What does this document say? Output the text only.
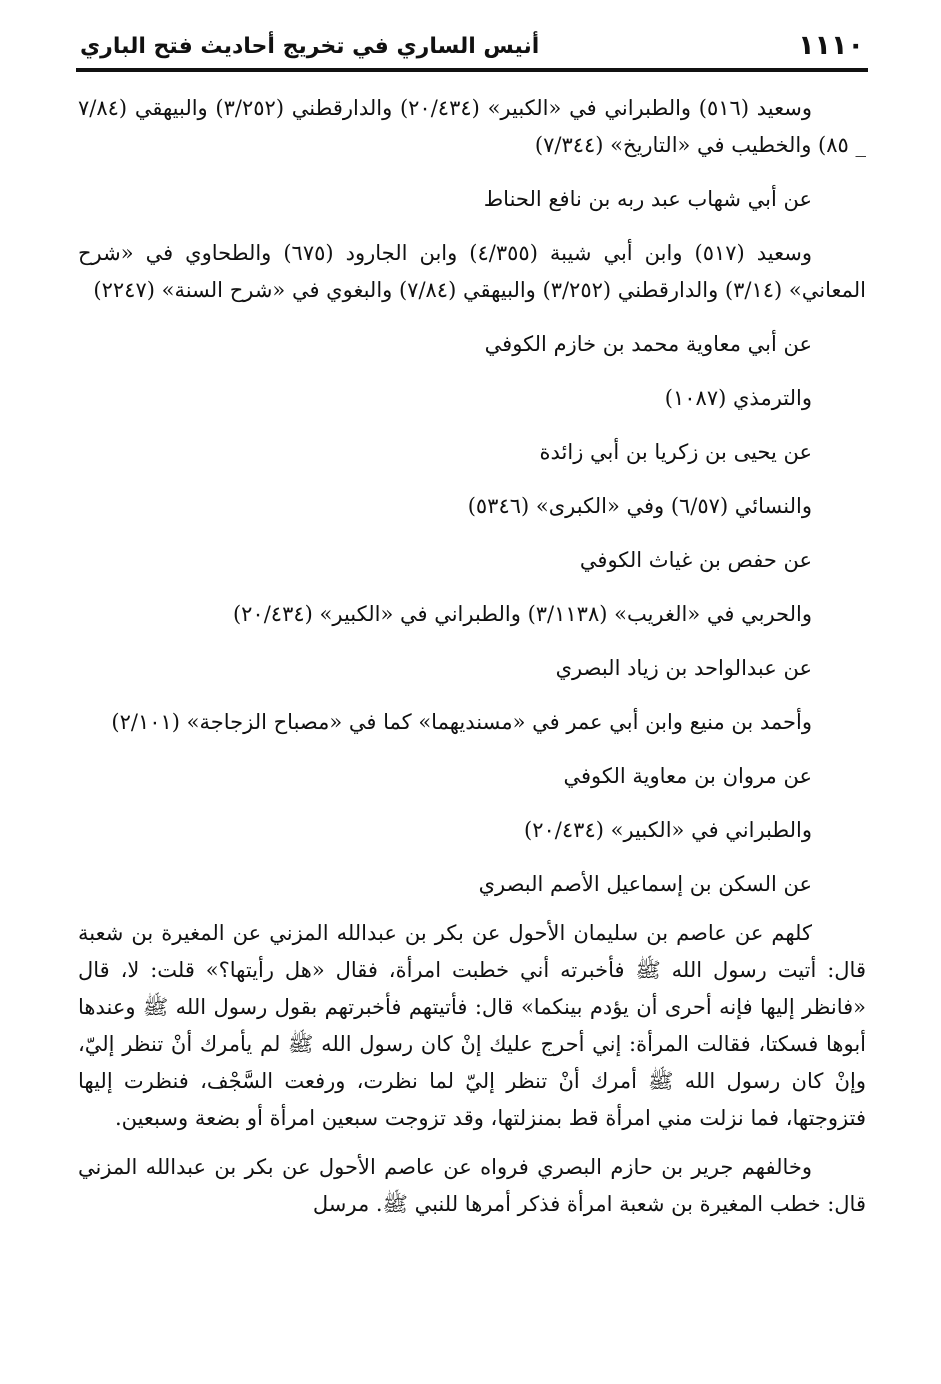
١١١٠
أنيس الساري في تخريج أحاديث فتح الباري

وسعيد (٥١٦) والطبراني في «الكبير» (٢٠/٤٣٤) والدارقطني (٣/٢٥٢) والبيهقي (٧/٨٤ _ ٨٥) والخطيب في «التاريخ» (٧/٣٤٤)

عن أبي شهاب عبد ربه بن نافع الحناط

وسعيد (٥١٧) وابن أبي شيبة (٤/٣٥٥) وابن الجارود (٦٧٥) والطحاوي في «شرح المعاني» (٣/١٤) والدارقطني (٣/٢٥٢) والبيهقي (٧/٨٤) والبغوي في «شرح السنة» (٢٢٤٧)

عن أبي معاوية محمد بن خازم الكوفي

والترمذي (١٠٨٧)

عن يحيى بن زكريا بن أبي زائدة

والنسائي (٦/٥٧) وفي «الكبرى» (٥٣٤٦)

عن حفص بن غياث الكوفي

والحربي في «الغريب» (٣/١١٣٨) والطبراني في «الكبير» (٢٠/٤٣٤)

عن عبدالواحد بن زياد البصري

وأحمد بن منيع وابن أبي عمر في «مسنديهما» كما في «مصباح الزجاجة» (٢/١٠١)

عن مروان بن معاوية الكوفي

والطبراني في «الكبير» (٢٠/٤٣٤)

عن السكن بن إسماعيل الأصم البصري

كلهم عن عاصم بن سليمان الأحول عن بكر بن عبدالله المزني عن المغيرة بن شعبة قال: أتيت رسول الله ﷺ فأخبرته أني خطبت امرأة، فقال «هل رأيتها؟» قلت: لا، قال «فانظر إليها فإنه أحرى أن يؤدم بينكما» قال: فأتيتهم فأخبرتهم بقول رسول الله ﷺ وعندها أبوها فسكتا، فقالت المرأة: إني أحرج عليك إنْ كان رسول الله ﷺ لم يأمرك أنْ تنظر إليّ، وإنْ كان رسول الله ﷺ أمرك أنْ تنظر إليّ لما نظرت، ورفعت السَّجْف، فنظرت إليها فتزوجتها، فما نزلت مني امرأة قط بمنزلتها، وقد تزوجت سبعين امرأة أو بضعة وسبعين.

وخالفهم جرير بن حازم البصري فرواه عن عاصم الأحول عن بكر بن عبدالله المزني قال: خطب المغيرة بن شعبة امرأة فذكر أمرها للنبي ﷺ. مرسل
